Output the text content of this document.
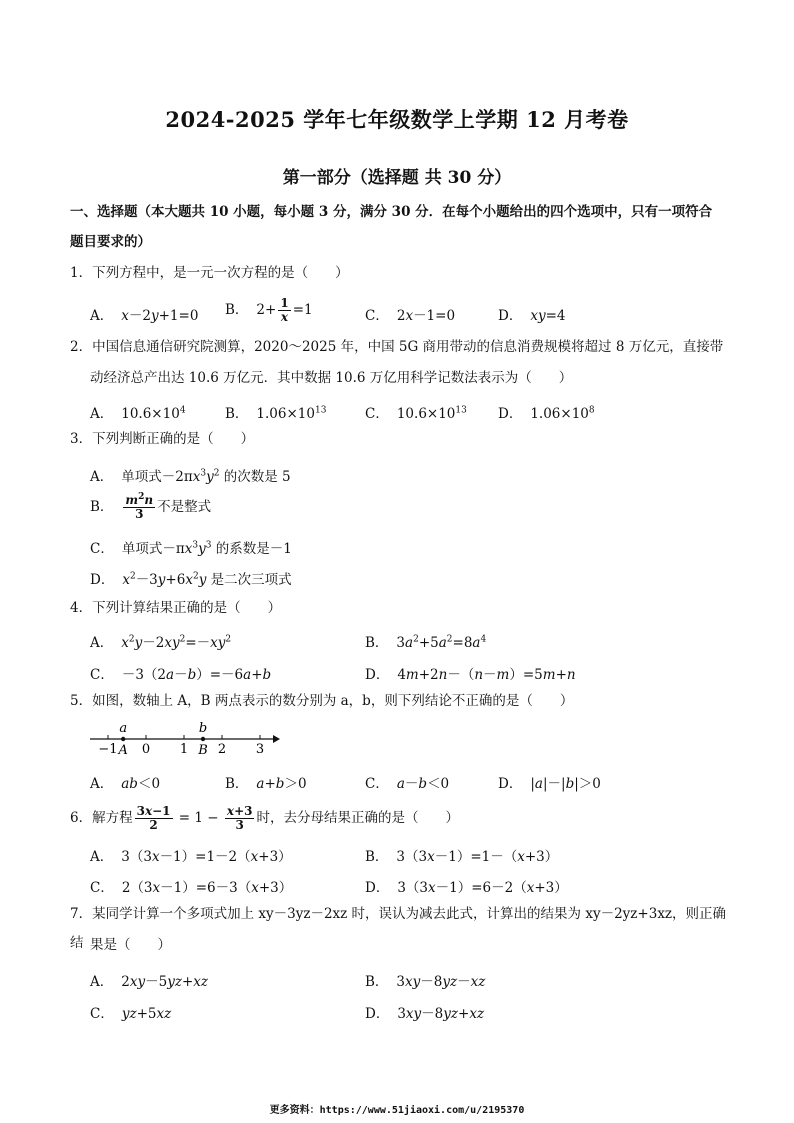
2024-2025 学年七年级数学上学期 12 月考卷
第一部分（选择题 共 30 分）
一、选择题（本大题共 10 小题，每小题 3 分，满分 30 分．在每个小题给出的四个选项中，只有一项符合
题目要求的）
1．下列方程中，是一元一次方程的是（　　）
A． x－2y+1=0 B． $2+ \frac{1}{x} =1$	C． 2x－1=0	D． xy=4
2．中国信息通信研究院测算，2020～2025 年，中国 5G 商用带动的信息消费规模将超过 8 万亿元，直接带
动经济总产出达 10.6 万亿元．其中数据 10.6 万亿用科学记数法表示为（　　）
A． $10.6\times 10^4$	B． $1.06\times 10^{13}$	C． $10.6\times 10^{13}$ D． $1.06\times 10^8$
3．下列判断正确的是（　　）
A． 单项式$-2\pi x^3y^2$ 的次数是 5
B． $\frac{m^2n}{3}$ 不是整式
C． 单项式$-\pi x^3y^3$ 的系数是－1
D． $x^2-3y+6x^2y$ 是二次三项式
4．下列计算结果正确的是（　　）
A． $x^2y-2xy^2=-xy^2$	B． $3a^2+5a^2=8a^4$
C． －3（2a－b）=－6a+b	D． 4m+2n－（n－m）=5m+n
5．如图，数轴上 A，B 两点表示的数分别为 a，b，则下列结论不正确的是（　　）
−1 0 1 2 3
a
A
b
B
A． ab＜0	B． a+b＞0	C． a－b＜0	D． |a|－|b|＞0
6．解方程 $\frac{3x-1}{2} = 1 - \frac{x+3}{3}$ 时，去分母结果正确的是（　　）
A． 3（3x－1）=1－2（x+3）	B． 3（3x－1）=1－（x+3）
C． 2（3x－1）=6－3（x+3）	D． 3（3x－1）=6－2（x+3）
7．某同学计算一个多项式加上 xy－3yz－2xz 时，误认为减去此式，计算出的结果为 xy－2yz+3xz，则正确结 果是（　　）
A． 2xy－5yz+xz	B． 3xy－8yz－xz
C． yz+5xz	D． 3xy－8yz+xz
更多资料：https://www.51jiaoxi.com/u/2195370
